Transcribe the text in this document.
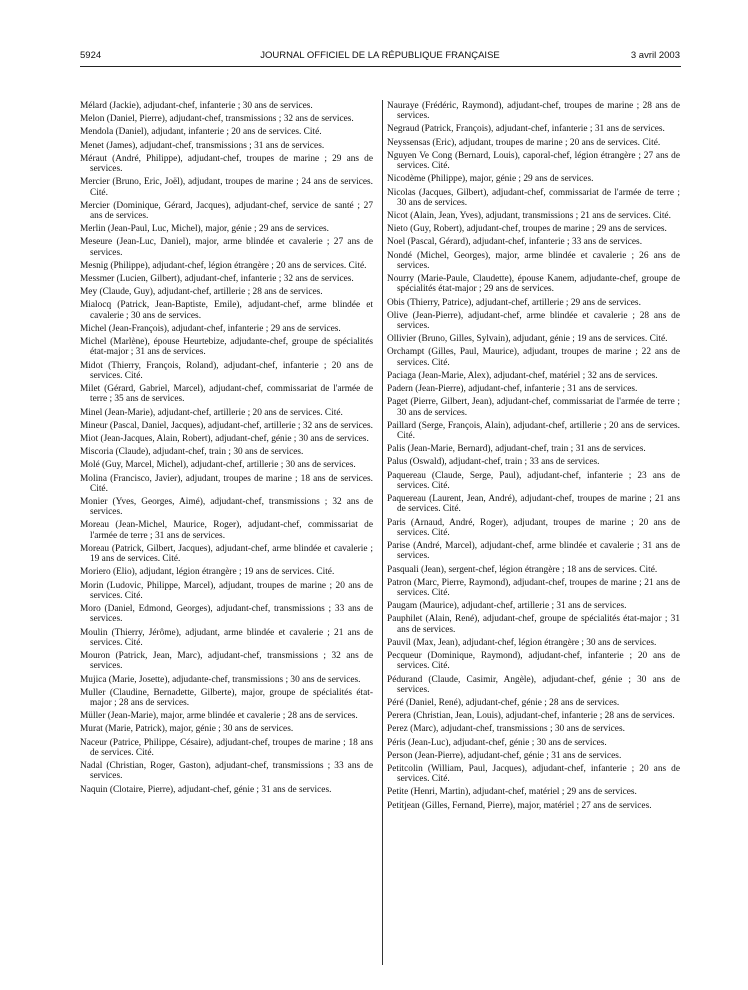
5924	JOURNAL OFFICIEL DE LA RÉPUBLIQUE FRANÇAISE	3 avril 2003

Mélard (Jackie), adjudant-chef, infanterie ; 30 ans de services.

Melon (Daniel, Pierre), adjudant-chef, transmissions ; 32 ans de services.

Mendola (Daniel), adjudant, infanterie ; 20 ans de services. Cité.

Menet (James), adjudant-chef, transmissions ; 31 ans de services.

Méraut (André, Philippe), adjudant-chef, troupes de marine ; 29 ans de services.

Mercier (Bruno, Eric, Joël), adjudant, troupes de marine ; 24 ans de services. Cité.

Mercier (Dominique, Gérard, Jacques), adjudant-chef, service de santé ; 27 ans de services.

Merlin (Jean-Paul, Luc, Michel), major, génie ; 29 ans de services.

Meseure (Jean-Luc, Daniel), major, arme blindée et cavalerie ; 27 ans de services.

Mesnig (Philippe), adjudant-chef, légion étrangère ; 20 ans de services. Cité.

Messmer (Lucien, Gilbert), adjudant-chef, infanterie ; 32 ans de services.

Mey (Claude, Guy), adjudant-chef, artillerie ; 28 ans de services.

Mialocq (Patrick, Jean-Baptiste, Emile), adjudant-chef, arme blindée et cavalerie ; 30 ans de services.

Michel (Jean-François), adjudant-chef, infanterie ; 29 ans de services.

Michel (Marlène), épouse Heurtebize, adjudante-chef, groupe de spécialités état-major ; 31 ans de services.

Midot (Thierry, François, Roland), adjudant-chef, infanterie ; 20 ans de services. Cité.

Milet (Gérard, Gabriel, Marcel), adjudant-chef, commissariat de l'armée de terre ; 35 ans de services.

Minel (Jean-Marie), adjudant-chef, artillerie ; 20 ans de services. Cité.

Mineur (Pascal, Daniel, Jacques), adjudant-chef, artillerie ; 32 ans de services.

Miot (Jean-Jacques, Alain, Robert), adjudant-chef, génie ; 30 ans de services.

Miscoria (Claude), adjudant-chef, train ; 30 ans de services.

Molé (Guy, Marcel, Michel), adjudant-chef, artillerie ; 30 ans de services.

Molina (Francisco, Javier), adjudant, troupes de marine ; 18 ans de services. Cité.

Monier (Yves, Georges, Aimé), adjudant-chef, transmissions ; 32 ans de services.

Moreau (Jean-Michel, Maurice, Roger), adjudant-chef, commissariat de l'armée de terre ; 31 ans de services.

Moreau (Patrick, Gilbert, Jacques), adjudant-chef, arme blindée et cavalerie ; 19 ans de services. Cité.

Moriero (Elio), adjudant, légion étrangère ; 19 ans de services. Cité.

Morin (Ludovic, Philippe, Marcel), adjudant, troupes de marine ; 20 ans de services. Cité.

Moro (Daniel, Edmond, Georges), adjudant-chef, transmissions ; 33 ans de services.

Moulin (Thierry, Jérôme), adjudant, arme blindée et cavalerie ; 21 ans de services. Cité.

Mouron (Patrick, Jean, Marc), adjudant-chef, transmissions ; 32 ans de services.

Mujica (Marie, Josette), adjudante-chef, transmissions ; 30 ans de services.

Muller (Claudine, Bernadette, Gilberte), major, groupe de spécialités état-major ; 28 ans de services.

Müller (Jean-Marie), major, arme blindée et cavalerie ; 28 ans de services.

Murat (Marie, Patrick), major, génie ; 30 ans de services.

Naceur (Patrice, Philippe, Césaire), adjudant-chef, troupes de marine ; 18 ans de services. Cité.

Nadal (Christian, Roger, Gaston), adjudant-chef, transmissions ; 33 ans de services.

Naquin (Clotaire, Pierre), adjudant-chef, génie ; 31 ans de services.

Nauraye (Frédéric, Raymond), adjudant-chef, troupes de marine ; 28 ans de services.

Negraud (Patrick, François), adjudant-chef, infanterie ; 31 ans de services.

Neyssensas (Eric), adjudant, troupes de marine ; 20 ans de services. Cité.

Nguyen Ve Cong (Bernard, Louis), caporal-chef, légion étrangère ; 27 ans de services. Cité.

Nicodème (Philippe), major, génie ; 29 ans de services.

Nicolas (Jacques, Gilbert), adjudant-chef, commissariat de l'armée de terre ; 30 ans de services.

Nicot (Alain, Jean, Yves), adjudant, transmissions ; 21 ans de services. Cité.

Nieto (Guy, Robert), adjudant-chef, troupes de marine ; 29 ans de services.

Noel (Pascal, Gérard), adjudant-chef, infanterie ; 33 ans de services.

Nondé (Michel, Georges), major, arme blindée et cavalerie ; 26 ans de services.

Nourry (Marie-Paule, Claudette), épouse Kanem, adjudante-chef, groupe de spécialités état-major ; 29 ans de services.

Obis (Thierry, Patrice), adjudant-chef, artillerie ; 29 ans de services.

Olive (Jean-Pierre), adjudant-chef, arme blindée et cavalerie ; 28 ans de services.

Ollivier (Bruno, Gilles, Sylvain), adjudant, génie ; 19 ans de services. Cité.

Orchampt (Gilles, Paul, Maurice), adjudant, troupes de marine ; 22 ans de services. Cité.

Paciaga (Jean-Marie, Alex), adjudant-chef, matériel ; 32 ans de services.

Padern (Jean-Pierre), adjudant-chef, infanterie ; 31 ans de services.

Paget (Pierre, Gilbert, Jean), adjudant-chef, commissariat de l'armée de terre ; 30 ans de services.

Paillard (Serge, François, Alain), adjudant-chef, artillerie ; 20 ans de services. Cité.

Palis (Jean-Marie, Bernard), adjudant-chef, train ; 31 ans de services.

Palus (Oswald), adjudant-chef, train ; 33 ans de services.

Paquereau (Claude, Serge, Paul), adjudant-chef, infanterie ; 23 ans de services. Cité.

Paquereau (Laurent, Jean, André), adjudant-chef, troupes de marine ; 21 ans de services. Cité.

Paris (Arnaud, André, Roger), adjudant, troupes de marine ; 20 ans de services. Cité.

Parise (André, Marcel), adjudant-chef, arme blindée et cavalerie ; 31 ans de services.

Pasquali (Jean), sergent-chef, légion étrangère ; 18 ans de services. Cité.

Patron (Marc, Pierre, Raymond), adjudant-chef, troupes de marine ; 21 ans de services. Cité.

Paugam (Maurice), adjudant-chef, artillerie ; 31 ans de services.

Pauphilet (Alain, René), adjudant-chef, groupe de spécialités état-major ; 31 ans de services.

Pauvil (Max, Jean), adjudant-chef, légion étrangère ; 30 ans de services.

Pecqueur (Dominique, Raymond), adjudant-chef, infanterie ; 20 ans de services. Cité.

Pédurand (Claude, Casimir, Angèle), adjudant-chef, génie ; 30 ans de services.

Péré (Daniel, René), adjudant-chef, génie ; 28 ans de services.

Perera (Christian, Jean, Louis), adjudant-chef, infanterie ; 28 ans de services.

Perez (Marc), adjudant-chef, transmissions ; 30 ans de services.

Péris (Jean-Luc), adjudant-chef, génie ; 30 ans de services.

Person (Jean-Pierre), adjudant-chef, génie ; 31 ans de services.

Petitcolin (William, Paul, Jacques), adjudant-chef, infanterie ; 20 ans de services. Cité.

Petite (Henri, Martin), adjudant-chef, matériel ; 29 ans de services.

Petitjean (Gilles, Fernand, Pierre), major, matériel ; 27 ans de services.
